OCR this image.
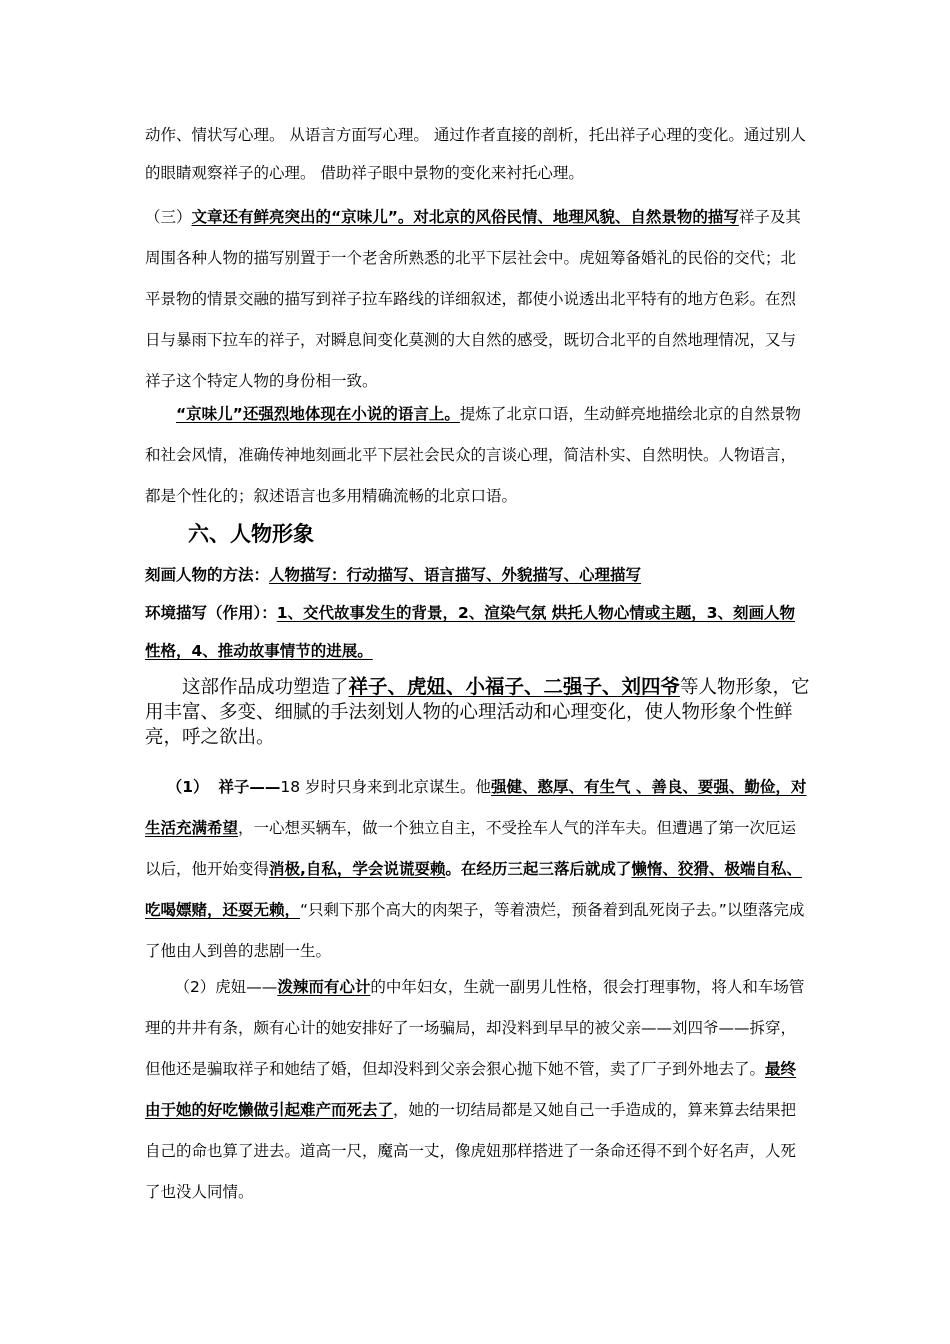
动作、情状写心理。 从语言方面写心理。 通过作者直接的剖析，托出祥子心理的变化。通过别人的眼睛观察祥子的心理。 借助祥子眼中景物的变化来衬托心理。

（三）文章还有鲜亮突出的“京味儿”。对北京的风俗民情、地理风貌、自然景物的描写祥子及其周围各种人物的描写别置于一个老舍所熟悉的北平下层社会中。虎妞筹备婚礼的民俗的交代；北平景物的情景交融的描写到祥子拉车路线的详细叙述，都使小说透出北平特有的地方色彩。在烈日与暴雨下拉车的祥子，对瞬息间变化莫测的大自然的感受，既切合北平的自然地理情况，又与祥子这个特定人物的身份相一致。

“京味儿”还强烈地体现在小说的语言上。提炼了北京口语，生动鲜亮地描绘北京的自然景物和社会风情，准确传神地刻画北平下层社会民众的言谈心理，简洁朴实、自然明快。人物语言，都是个性化的；叙述语言也多用精确流畅的北京口语。

六、人物形象

刻画人物的方法：人物描写：行动描写、语言描写、外貌描写、心理描写

环境描写（作用）：1、交代故事发生的背景，2、渲染气氛 烘托人物心情或主题，3、刻画人物性格，4、推动故事情节的进展。

这部作品成功塑造了祥子、虎妞、小福子、二强子、刘四爷等人物形象，它用丰富、多变、细腻的手法刻划人物的心理活动和心理变化，使人物形象个性鲜亮，呼之欲出。

（1） 祥子——18 岁时只身来到北京谋生。他强健、憨厚、有生气 、善良、要强、勤俭，对生活充满希望，一心想买辆车，做一个独立自主，不受拴车人气的洋车夫。但遭遇了第一次厄运以后，他开始变得消极,自私，学会说谎耍赖。在经历三起三落后就成了懒惰、狡猾、极端自私、吃喝嫖赌，还耍无赖，“只剩下那个高大的肉架子，等着溃烂，预备着到乱死岗子去。”以堕落完成了他由人到兽的悲剧一生。

（2）虎妞——泼辣而有心计的中年妇女，生就一副男儿性格，很会打理事物，将人和车场管理的井井有条，颇有心计的她安排好了一场骗局，却没料到早早的被父亲——刘四爷——拆穿，但他还是骗取祥子和她结了婚，但却没料到父亲会狠心抛下她不管，卖了厂子到外地去了。最终由于她的好吃懒做引起难产而死去了，她的一切结局都是又她自己一手造成的，算来算去结果把自己的命也算了进去。道高一尺，魔高一丈，像虎妞那样搭进了一条命还得不到个好名声，人死了也没人同情。
